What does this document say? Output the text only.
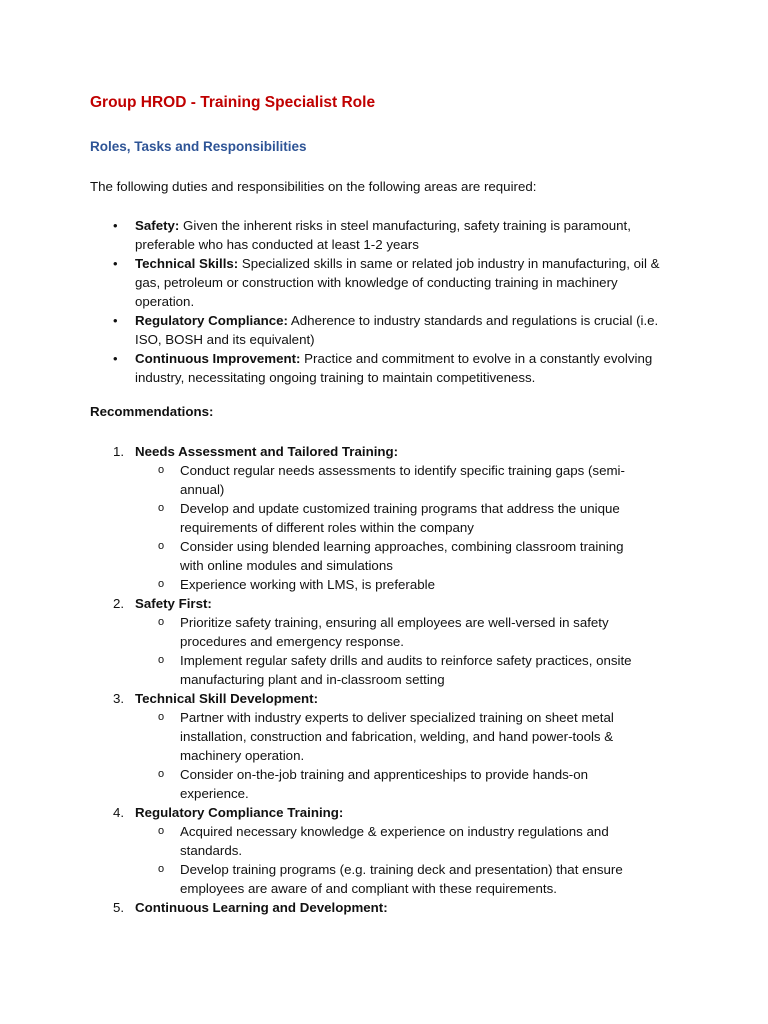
Group HROD - Training Specialist Role
Roles, Tasks and Responsibilities
The following duties and responsibilities on the following areas are required:
• Safety: Given the inherent risks in steel manufacturing, safety training is paramount, preferable who has conducted at least 1-2 years
• Technical Skills: Specialized skills in same or related job industry in manufacturing, oil & gas, petroleum or construction with knowledge of conducting training in machinery operation.
• Regulatory Compliance: Adherence to industry standards and regulations is crucial (i.e. ISO, BOSH and its equivalent)
• Continuous Improvement: Practice and commitment to evolve in a constantly evolving industry, necessitating ongoing training to maintain competitiveness.
Recommendations:
1. Needs Assessment and Tailored Training:
o Conduct regular needs assessments to identify specific training gaps (semi-annual)
o Develop and update customized training programs that address the unique requirements of different roles within the company
o Consider using blended learning approaches, combining classroom training with online modules and simulations
o Experience working with LMS, is preferable
2. Safety First:
o Prioritize safety training, ensuring all employees are well-versed in safety procedures and emergency response.
o Implement regular safety drills and audits to reinforce safety practices, onsite manufacturing plant and in-classroom setting
3. Technical Skill Development:
o Partner with industry experts to deliver specialized training on sheet metal installation, construction and fabrication, welding, and hand power-tools & machinery operation.
o Consider on-the-job training and apprenticeships to provide hands-on experience.
4. Regulatory Compliance Training:
o Acquired necessary knowledge & experience on industry regulations and standards.
o Develop training programs (e.g. training deck and presentation) that ensure employees are aware of and compliant with these requirements.
5. Continuous Learning and Development:
